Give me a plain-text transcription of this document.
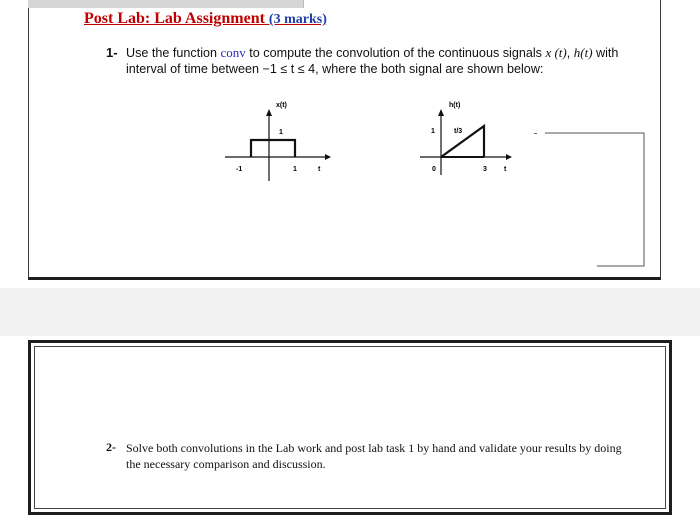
Post Lab: Lab Assignment (3 marks)
1- Use the function conv to compute the convolution of the continuous signals x (t), h(t) with interval of time between −1 ≤ t ≤ 4, where the both signal are shown below:
x(t)
1
-1	1	t
h(t)
1	t/3
0	3 t
2- Solve both convolutions in the Lab work and post lab task 1 by hand and validate your results by doing the necessary comparison and discussion.
